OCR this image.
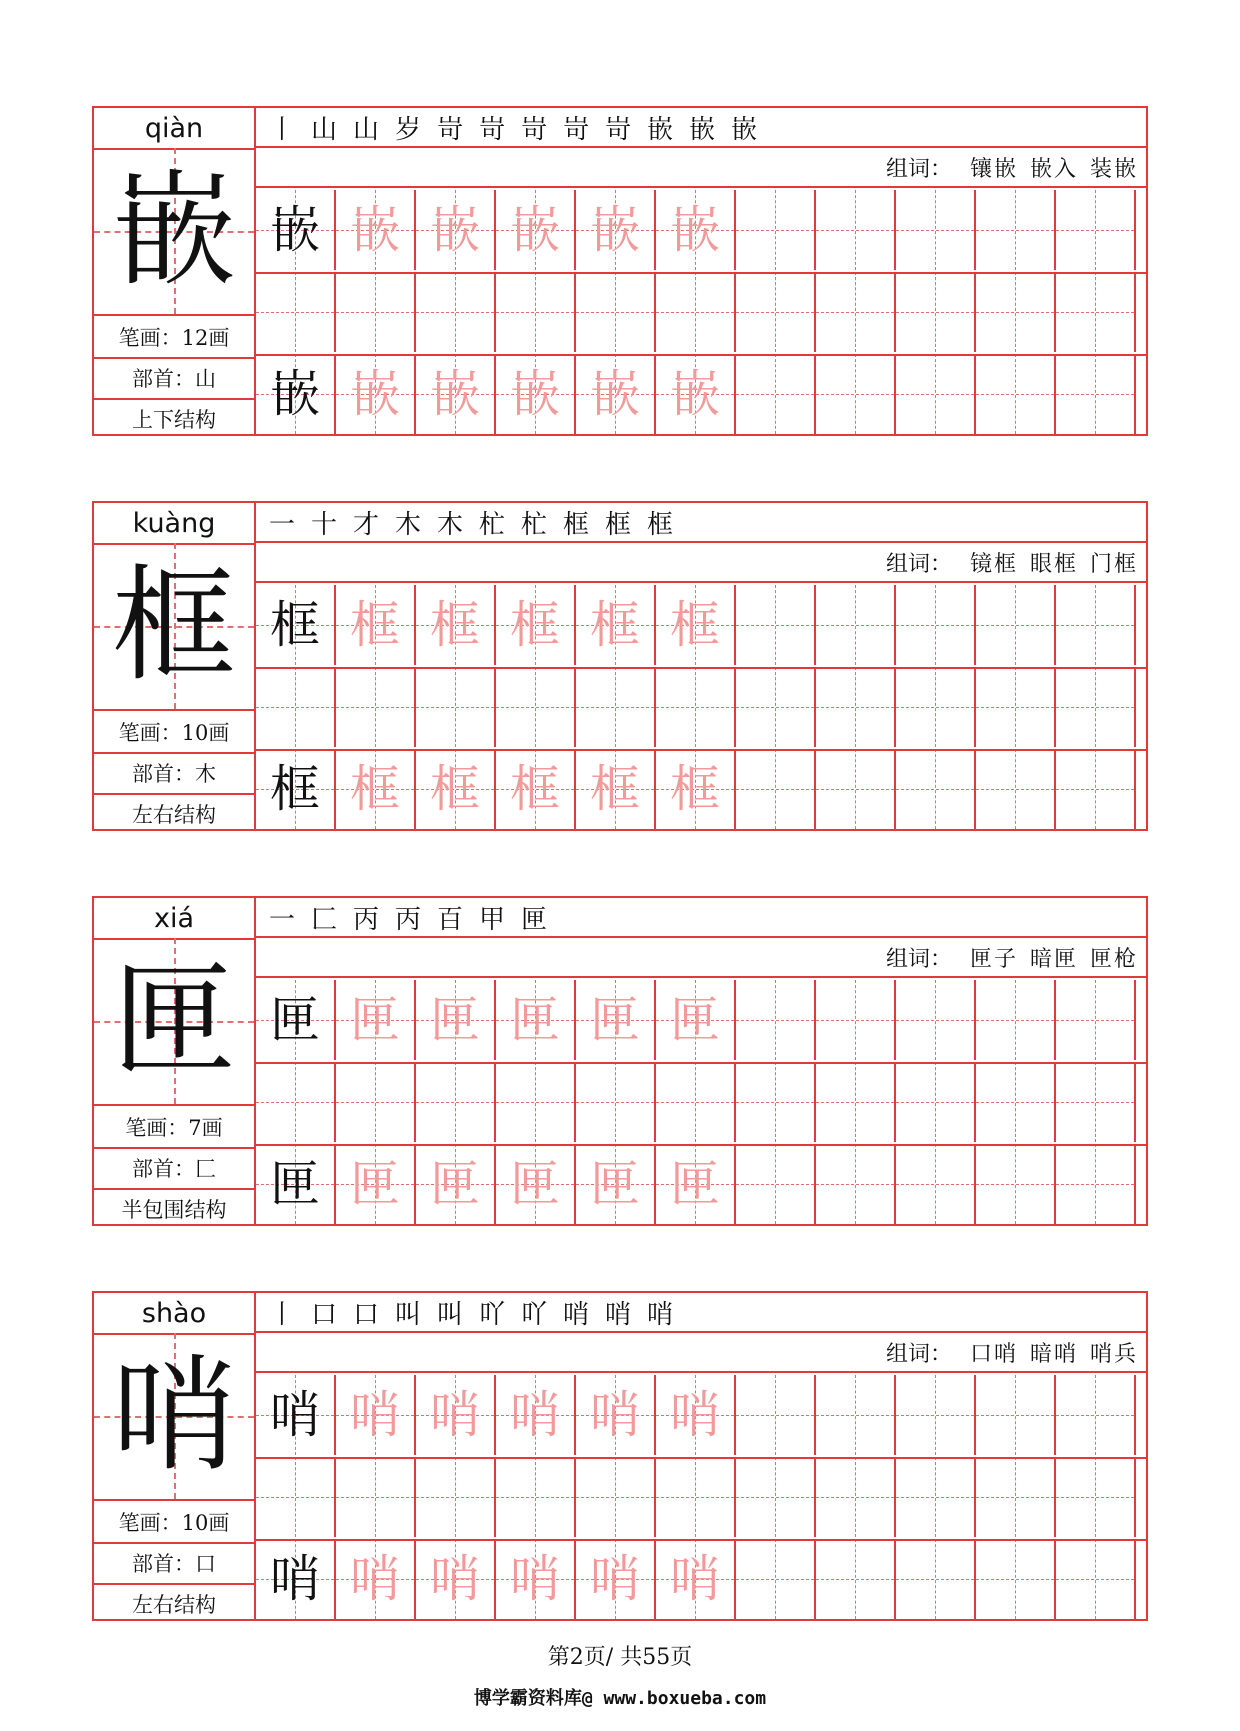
qiàn
嵌
笔画：12画
部首：山
上下结构
丨 山 山 岁 岢 岢 岢 岢 岢 嵌 嵌 嵌
组词： 镶嵌 嵌入 装嵌
嵌 嵌 嵌 嵌 嵌 嵌
嵌 嵌 嵌 嵌 嵌 嵌
kuàng
框
笔画：10画
部首：木
左右结构
一 十 才 木 木 杧 杧 框 框 框
组词： 镜框 眼框 门框
框 框 框 框 框 框
框 框 框 框 框 框
xiá
匣
笔画：7画
部首：匚
半包围结构
一 匚 丙 丙 百 甲 匣
组词： 匣子 暗匣 匣枪
匣 匣 匣 匣 匣 匣
匣 匣 匣 匣 匣 匣
shào
哨
笔画：10画
部首：口
左右结构
丨 口 口 叫 叫 吖 吖 哨 哨 哨
组词： 口哨 暗哨 哨兵
哨 哨 哨 哨 哨 哨
哨 哨 哨 哨 哨 哨
第2页/ 共55页
博学霸资料库@ www.boxueba.com
